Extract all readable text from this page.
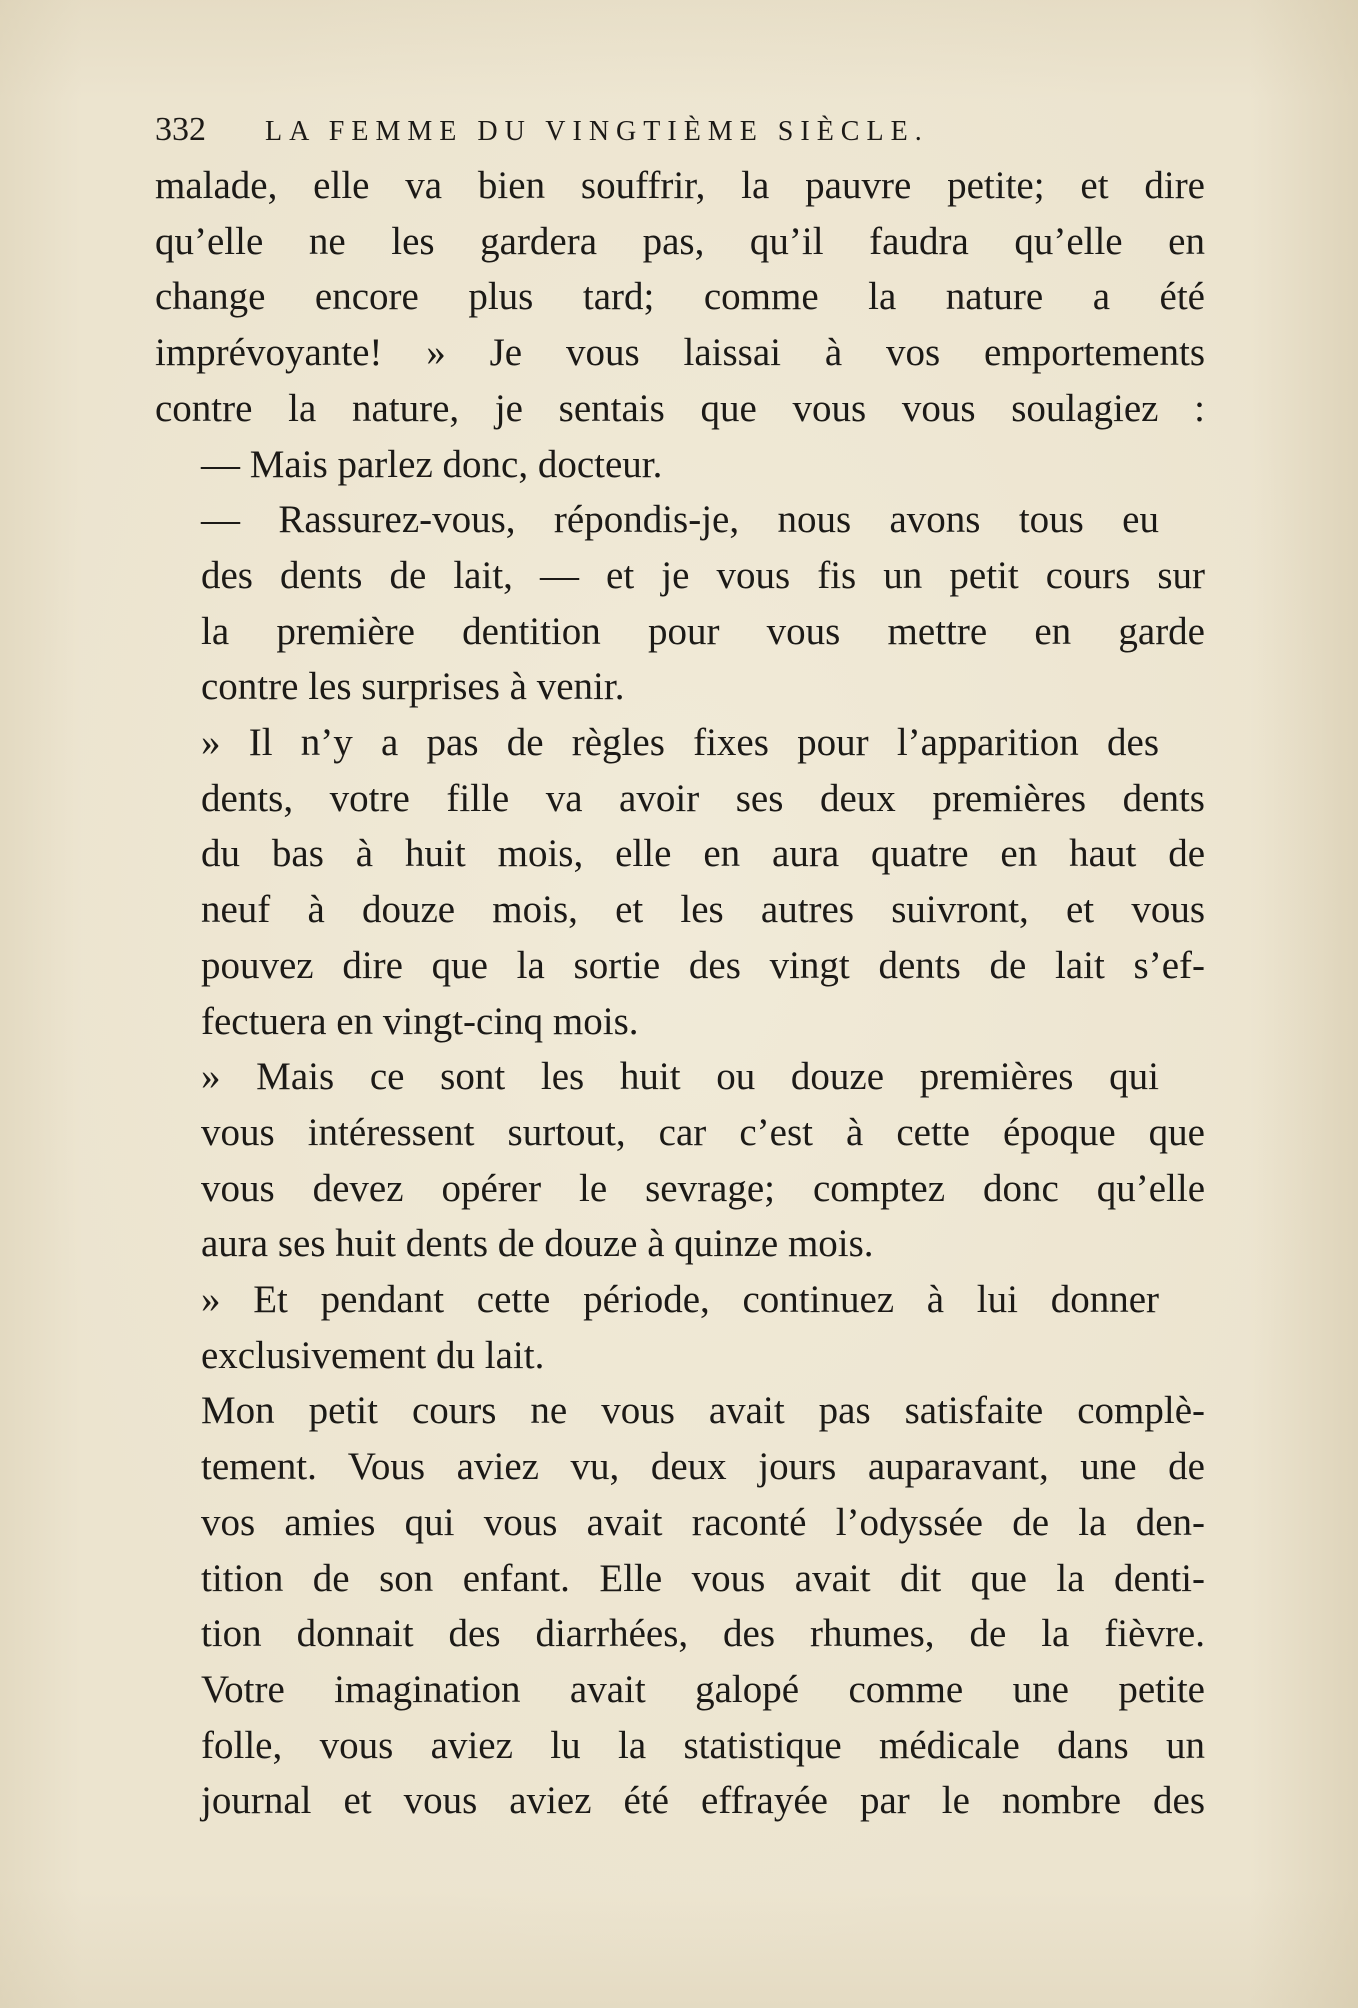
332 LA FEMME DU VINGTIÈME SIÈCLE.

malade, elle va bien souffrir, la pauvre petite; et dire
qu’elle ne les gardera pas, qu’il faudra qu’elle en
change encore plus tard; comme la nature a été
imprévoyante! » Je vous laissai à vos emportements
contre la nature, je sentais que vous vous soulagiez :

— Mais parlez donc, docteur.

— Rassurez-vous, répondis-je, nous avons tous eu
des dents de lait, — et je vous fis un petit cours sur
la première dentition pour vous mettre en garde
contre les surprises à venir.

» Il n’y a pas de règles fixes pour l’apparition des
dents, votre fille va avoir ses deux premières dents
du bas à huit mois, elle en aura quatre en haut de
neuf à douze mois, et les autres suivront, et vous
pouvez dire que la sortie des vingt dents de lait s’ef-
fectuera en vingt-cinq mois.

» Mais ce sont les huit ou douze premières qui
vous intéressent surtout, car c’est à cette époque que
vous devez opérer le sevrage; comptez donc qu’elle
aura ses huit dents de douze à quinze mois.

» Et pendant cette période, continuez à lui donner
exclusivement du lait.

Mon petit cours ne vous avait pas satisfaite complè-
tement. Vous aviez vu, deux jours auparavant, une de
vos amies qui vous avait raconté l’odyssée de la den-
tition de son enfant. Elle vous avait dit que la denti-
tion donnait des diarrhées, des rhumes, de la fièvre.
Votre imagination avait galopé comme une petite
folle, vous aviez lu la statistique médicale dans un
journal et vous aviez été effrayée par le nombre des
